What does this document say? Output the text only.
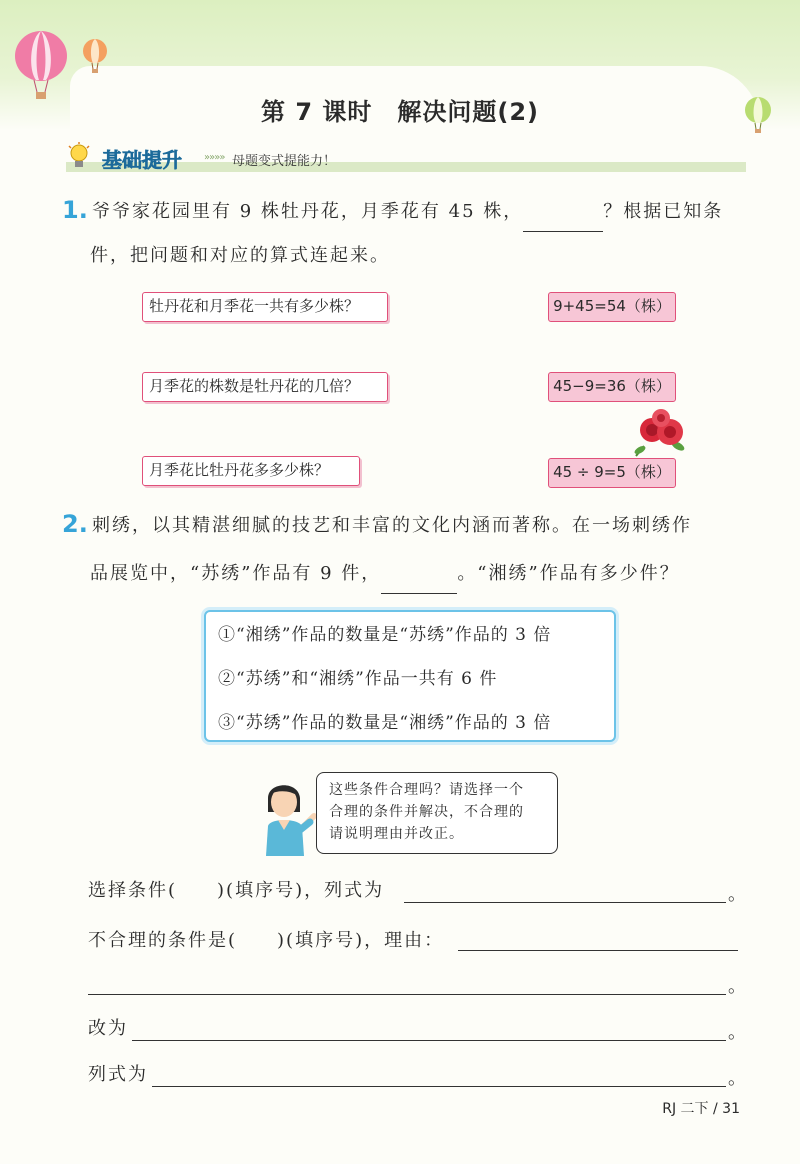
第 7 课时　解决问题(2)
基础提升 »»»» 母题变式提能力！
1. 爷爷家花园里有 9 株牡丹花，月季花有 45 株，	？根据已知条
件，把问题和对应的算式连起来。
牡丹花和月季花一共有多少株？
月季花的株数是牡丹花的几倍？
月季花比牡丹花多多少株？
9+45=54（株）
45−9=36（株）
45 ÷ 9=5（株）
2. 刺绣，以其精湛细腻的技艺和丰富的文化内涵而著称。在一场刺绣作
品展览中，“苏绣”作品有 9 件，	。“湘绣”作品有多少件？
①“湘绣”作品的数量是“苏绣”作品的 3 倍
②“苏绣”和“湘绣”作品一共有 6 件
③“苏绣”作品的数量是“湘绣”作品的 3 倍
这些条件合理吗？请选择一个
合理的条件并解决，不合理的
请说明理由并改正。
选择条件(　　)(填序号)，列式为	。
不合理的条件是(　　)(填序号)，理由：
。
改为	。
列式为	。
RJ 二下 / 31
